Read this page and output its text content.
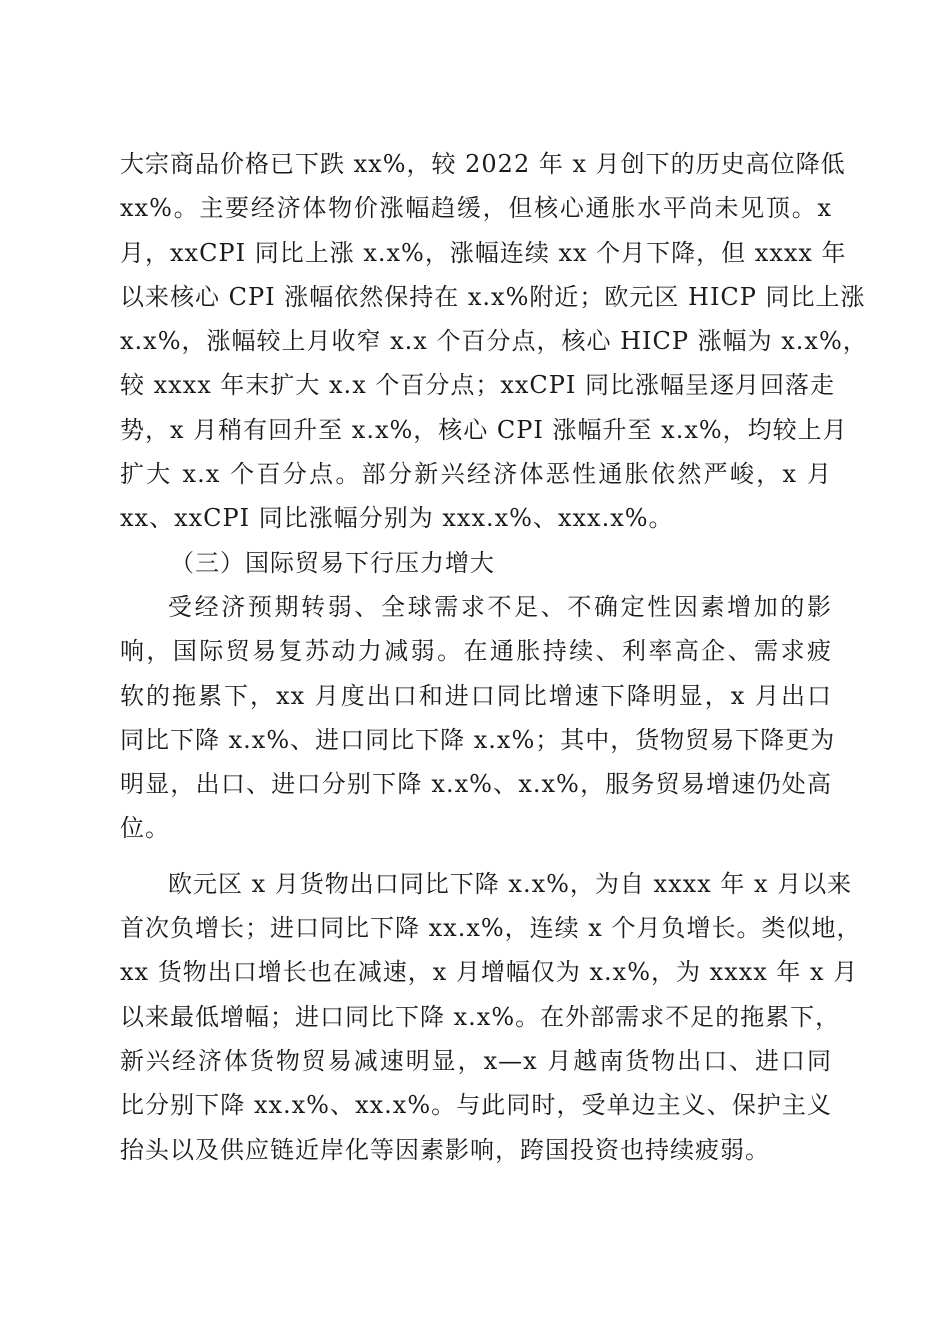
大宗商品价格已下跌 xx%，较 2022 年 x 月创下的历史高位降低
xx%。主要经济体物价涨幅趋缓，但核心通胀水平尚未见顶。x
月，xxCPI 同比上涨 x.x%，涨幅连续 xx 个月下降，但 xxxx 年
以来核心 CPI 涨幅依然保持在 x.x%附近；欧元区 HICP 同比上涨
x.x%，涨幅较上月收窄 x.x 个百分点，核心 HICP 涨幅为 x.x%，
较 xxxx 年末扩大 x.x 个百分点；xxCPI 同比涨幅呈逐月回落走
势，x 月稍有回升至 x.x%，核心 CPI 涨幅升至 x.x%，均较上月
扩大 x.x 个百分点。部分新兴经济体恶性通胀依然严峻，x 月
xx、xxCPI 同比涨幅分别为 xxx.x%、xxx.x%。
（三）国际贸易下行压力增大
受经济预期转弱、全球需求不足、不确定性因素增加的影
响，国际贸易复苏动力减弱。在通胀持续、利率高企、需求疲
软的拖累下，xx 月度出口和进口同比增速下降明显，x 月出口
同比下降 x.x%、进口同比下降 x.x%；其中，货物贸易下降更为
明显，出口、进口分别下降 x.x%、x.x%，服务贸易增速仍处高
位。
欧元区 x 月货物出口同比下降 x.x%，为自 xxxx 年 x 月以来
首次负增长；进口同比下降 xx.x%，连续 x 个月负增长。类似地，
xx 货物出口增长也在减速，x 月增幅仅为 x.x%，为 xxxx 年 x 月
以来最低增幅；进口同比下降 x.x%。在外部需求不足的拖累下，
新兴经济体货物贸易减速明显，x—x 月越南货物出口、进口同
比分别下降 xx.x%、xx.x%。与此同时，受单边主义、保护主义
抬头以及供应链近岸化等因素影响，跨国投资也持续疲弱。
